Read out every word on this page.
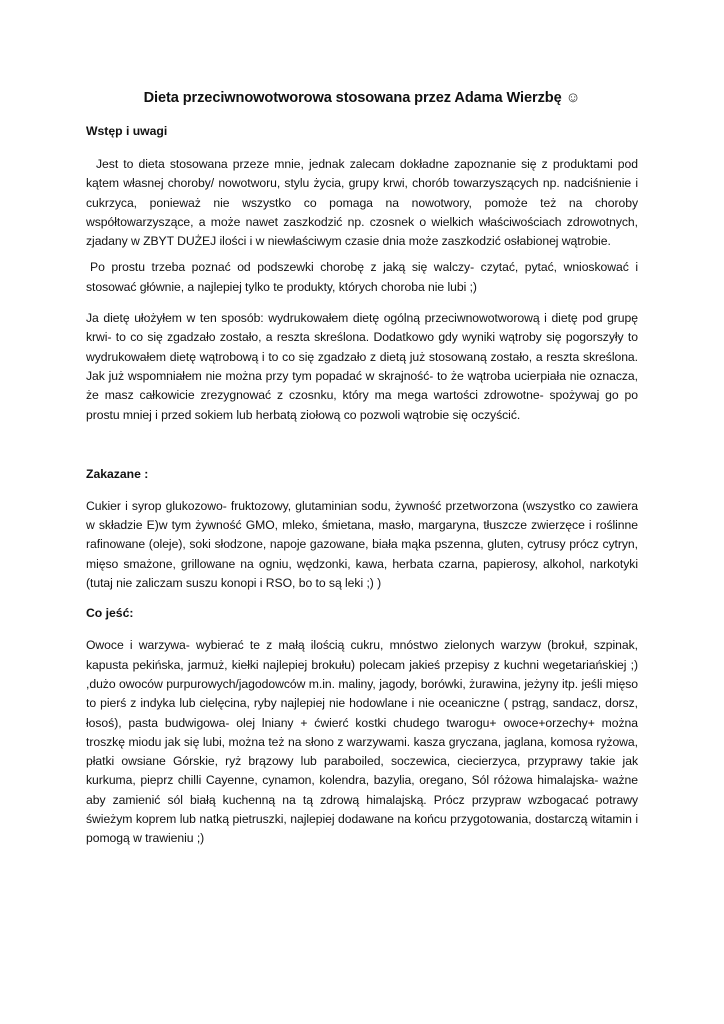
Dieta przeciwnowotworowa stosowana przez Adama Wierzbę ☺
Wstęp i uwagi

Jest to dieta stosowana przeze mnie, jednak zalecam dokładne zapoznanie się z produktami pod kątem własnej choroby/ nowotworu, stylu życia, grupy krwi, chorób towarzyszących np. nadciśnienie i cukrzyca, ponieważ nie wszystko co pomaga na nowotwory, pomoże też na choroby współtowarzyszące, a może nawet zaszkodzić np. czosnek o wielkich właściwościach zdrowotnych, zjadany w ZBYT DUŻEJ ilości i w niewłaściwym czasie dnia może zaszkodzić osłabionej wątrobie.

Po prostu trzeba poznać od podszewki chorobę z jaką się walczy- czytać, pytać, wnioskować i stosować głównie, a najlepiej tylko te produkty, których choroba nie lubi ;)

Ja dietę ułożyłem w ten sposób: wydrukowałem dietę ogólną przeciwnowotworową i dietę pod grupę krwi- to co się zgadzało zostało, a reszta skreślona. Dodatkowo gdy wyniki wątroby się pogorszyły to wydrukowałem dietę wątrobową i to co się zgadzało z dietą już stosowaną zostało, a reszta skreślona. Jak już wspomniałem nie można przy tym popadać w skrajność- to że wątroba ucierpiała nie oznacza, że masz całkowicie zrezygnować z czosnku, który ma mega wartości zdrowotne- spożywaj go po prostu mniej i przed sokiem lub herbatą ziołową co pozwoli wątrobie się oczyścić.

Zakazane :

Cukier i syrop glukozowo- fruktozowy, glutaminian sodu, żywność przetworzona (wszystko co zawiera w składzie E)w tym żywność GMO, mleko, śmietana, masło, margaryna, tłuszcze zwierzęce i roślinne rafinowane (oleje), soki słodzone, napoje gazowane, biała mąka pszenna, gluten, cytrusy prócz cytryn, mięso smażone, grillowane na ogniu, wędzonki, kawa, herbata czarna, papierosy, alkohol, narkotyki (tutaj nie zaliczam suszu konopi i RSO, bo to są leki ;) )

Co jeść:

Owoce i warzywa- wybierać te z małą ilością cukru, mnóstwo zielonych warzyw (brokuł, szpinak, kapusta pekińska, jarmuż, kiełki najlepiej brokułu) polecam jakieś przepisy z kuchni wegetariańskiej ;) ,dużo owoców purpurowych/jagodowców m.in. maliny, jagody, borówki, żurawina, jeżyny itp. jeśli mięso to pierś z indyka lub cielęcina, ryby najlepiej nie hodowlane i nie oceaniczne ( pstrąg, sandacz, dorsz, łosoś), pasta budwigowa- olej lniany + ćwierć kostki chudego twarogu+ owoce+orzechy+ można troszkę miodu jak się lubi, można też na słono z warzywami. kasza gryczana, jaglana, komosa ryżowa, płatki owsiane Górskie, ryż brązowy lub paraboiled, soczewica, ciecierzyca, przyprawy takie jak kurkuma, pieprz chilli Cayenne, cynamon, kolendra, bazylia, oregano, Sól różowa himalajska- ważne aby zamienić sól białą kuchenną na tą zdrową himalajską. Prócz przypraw wzbogacać potrawy świeżym koprem lub natką pietruszki, najlepiej dodawane na końcu przygotowania, dostarczą witamin i pomogą w trawieniu ;)
